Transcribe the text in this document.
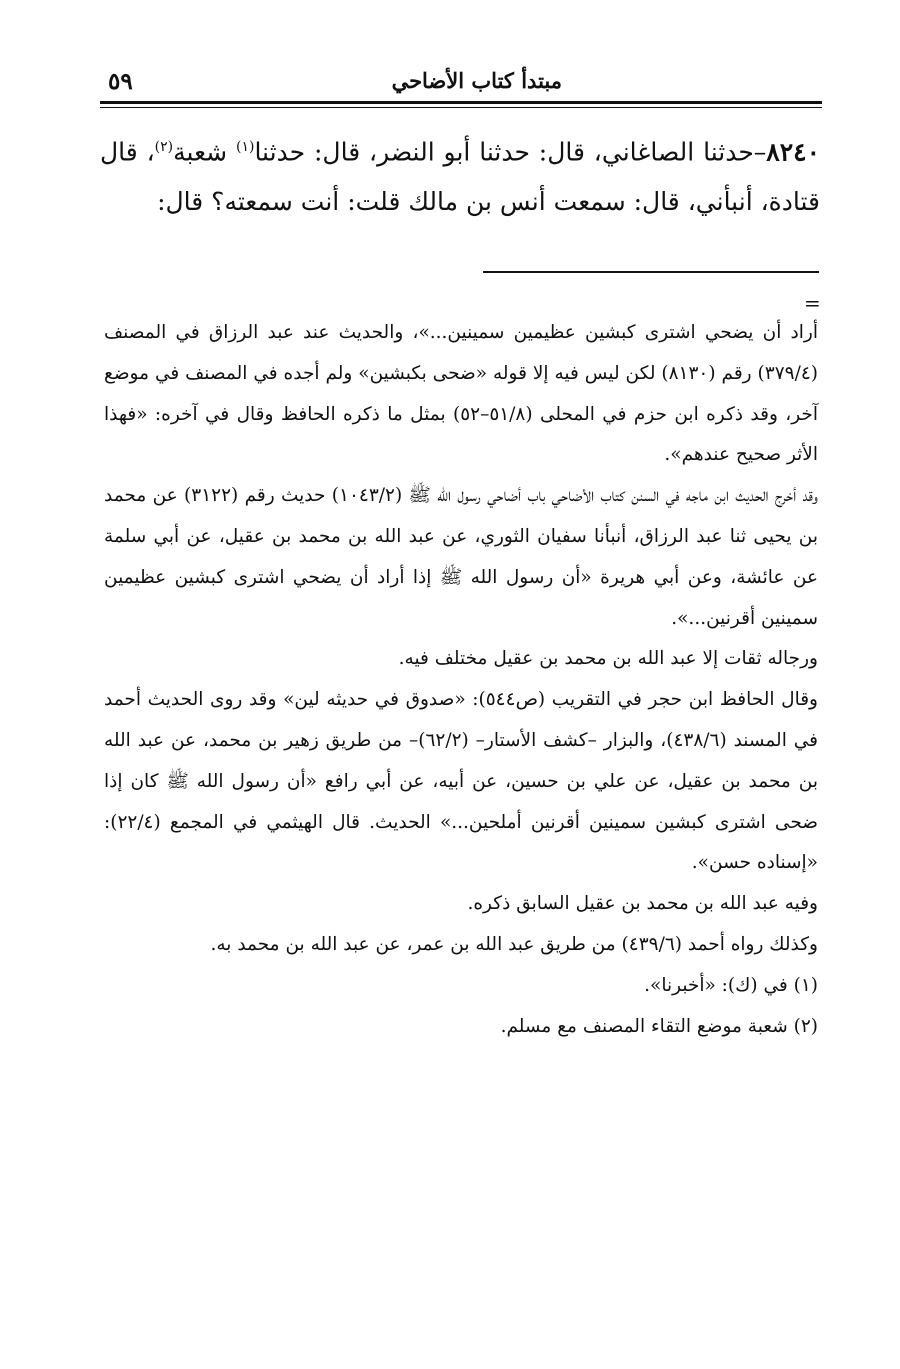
مبتدأ كتاب الأضاحي
٥٩
٨٢٤٠–حدثنا الصاغاني، قال: حدثنا أبو النضر، قال: حدثنا$^{(١)}$ شعبة$^{(٢)}$، قال قتادة، أنبأني، قال: سمعت أنس بن مالك قلت: أنت سمعته؟ قال:
=

أراد أن يضحي اشترى كبشين عظيمين سمينين...»، والحديث عند عبد الرزاق في المصنف (٣٧٩/٤) رقم (٨١٣٠) لكن ليس فيه إلا قوله «ضحى بكبشين» ولم أجده في المصنف في موضع آخر، وقد ذكره ابن حزم في المحلى (٥١/٨–٥٢) بمثل ما ذكره الحافظ وقال في آخره: «فهذا الأثر صحيح عندهم».

وقد أخرج الحديث ابن ماجه في السنن كتاب الأضاحي باب أضاحي رسول الله ﷺ (١٠٤٣/٢) حديث رقم (٣١٢٢) عن محمد بن يحيى ثنا عبد الرزاق، أنبأنا سفيان الثوري، عن عبد الله بن محمد بن عقيل، عن أبي سلمة عن عائشة، وعن أبي هريرة «أن رسول الله ﷺ إذا أراد أن يضحي اشترى كبشين عظيمين سمينين أقرنين...».

ورجاله ثقات إلا عبد الله بن محمد بن عقيل مختلف فيه.

وقال الحافظ ابن حجر في التقريب (ص٥٤٤): «صدوق في حديثه لين» وقد روى الحديث أحمد في المسند (٤٣٨/٦)، والبزار –كشف الأستار– (٦٢/٢)– من طريق زهير بن محمد، عن عبد الله بن محمد بن عقيل، عن علي بن حسين، عن أبيه، عن أبي رافع «أن رسول الله ﷺ كان إذا ضحى اشترى كبشين سمينين أقرنين أملحين...» الحديث. قال الهيثمي في المجمع (٢٢/٤): «إسناده حسن».

وفيه عبد الله بن محمد بن عقيل السابق ذكره.

وكذلك رواه أحمد (٤٣٩/٦) من طريق عبد الله بن عمر، عن عبد الله بن محمد به.

(١) في (ك): «أخبرنا».

(٢) شعبة موضع التقاء المصنف مع مسلم.
